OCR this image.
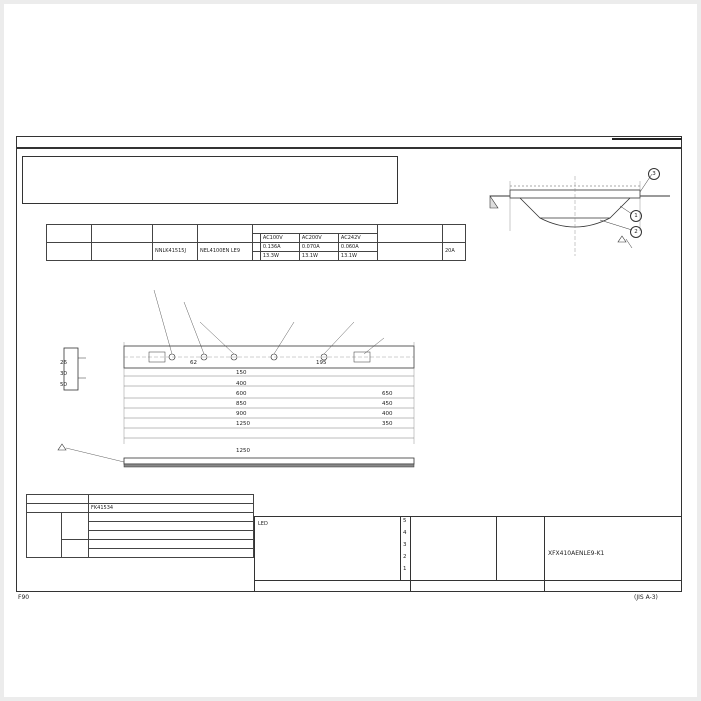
					AC100V	AC200V	AC242V		
		NNLK41515J	NEL4100EN LE9		0.136A	0.070A	0.060A		20A
					13.3W	13.1W	13.1W		
3
1
2
26
30
50
62	195
150
400
600
850
900
1250
650
450
400
350
1250

		FK41534

LED	5
4
3
2
1
XFX410AENLE9-K1
F90	(JIS A-3)
